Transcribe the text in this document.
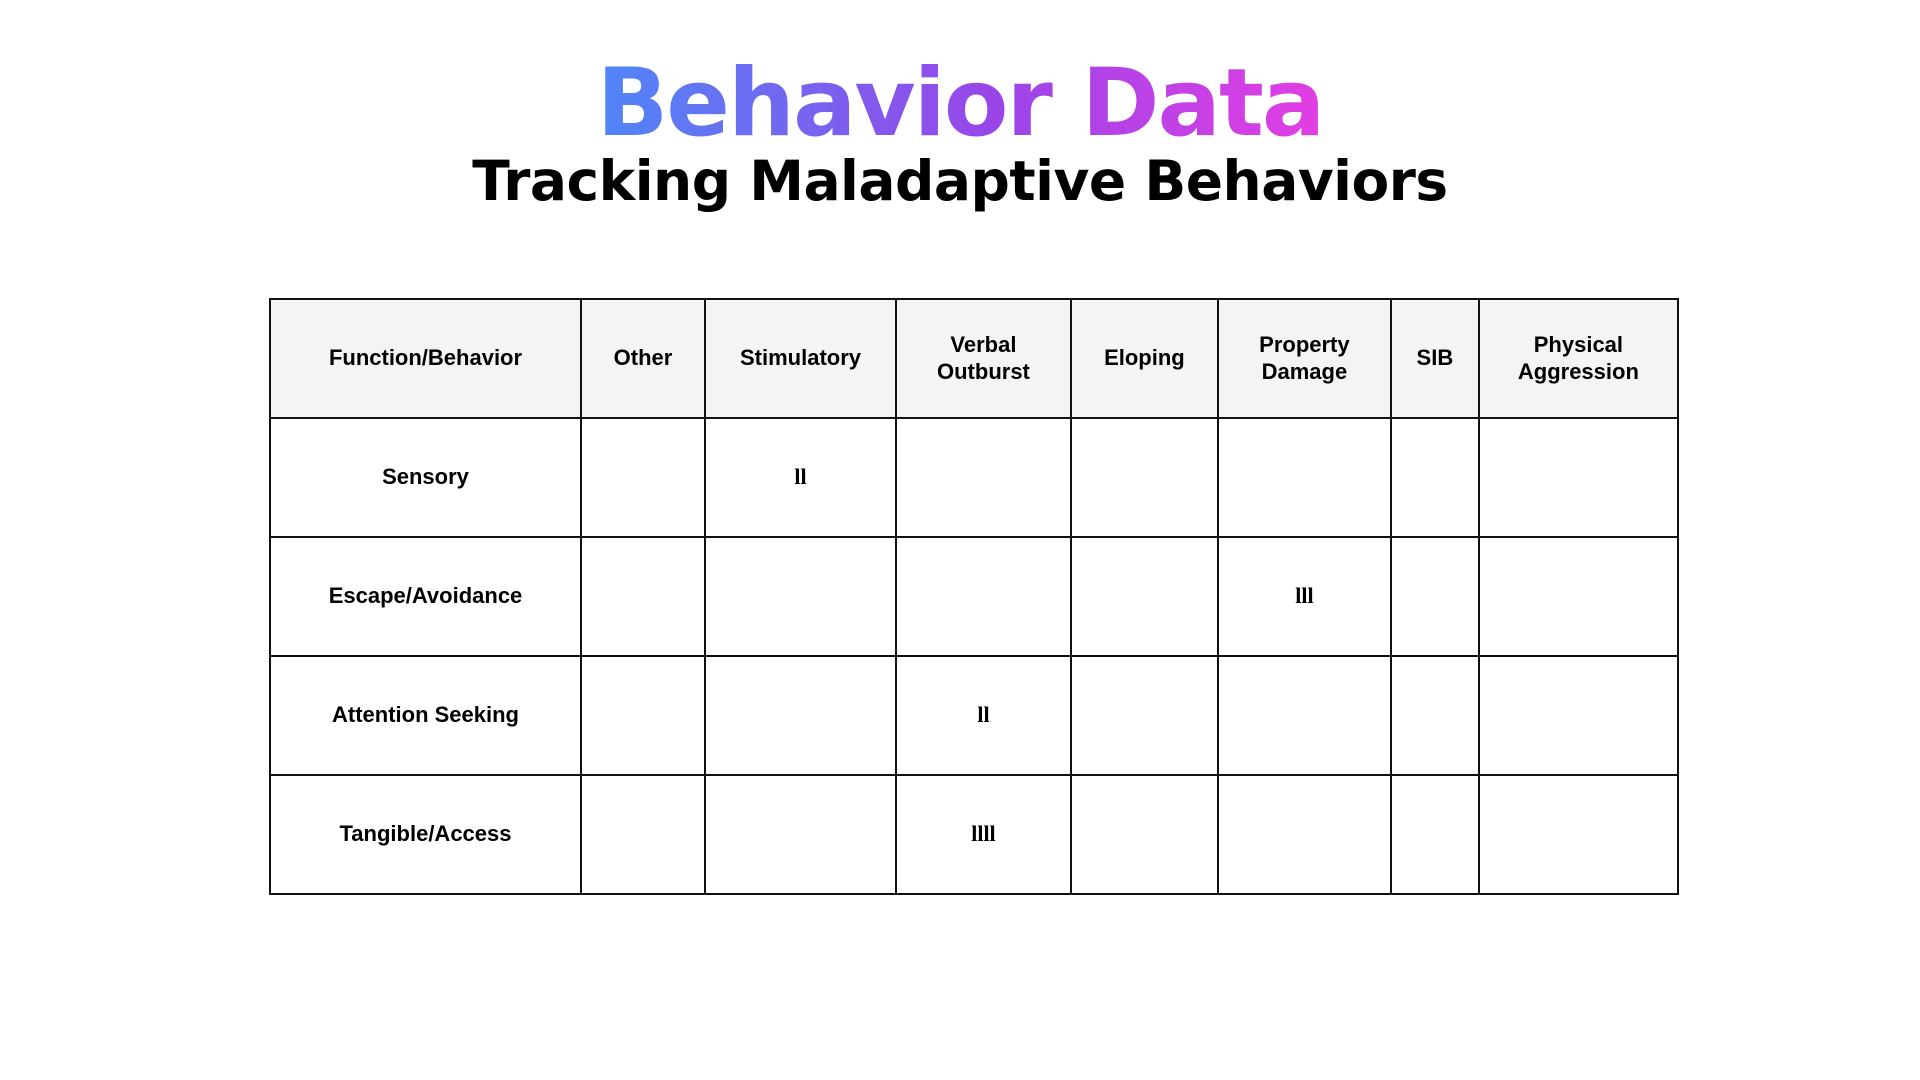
Behavior Data
Tracking Maladaptive Behaviors
Function/Behavior	Other	Stimulatory	Verbal Outburst	Eloping	Property Damage	SIB	Physical Aggression
Sensory		ll					
Escape/Avoidance					lll		
Attention Seeking			ll				
Tangible/Access			llll				
